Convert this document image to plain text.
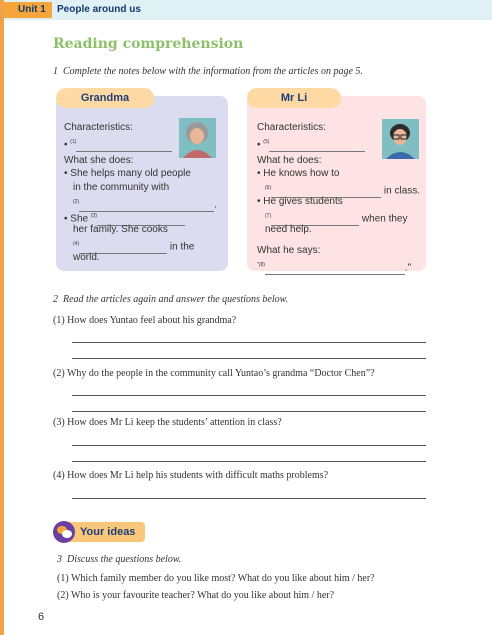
Unit 1	People around us
Reading comprehension
1 Complete the notes below with the information from the articles on page 5.
Grandma
Characteristics:
• $^{(1)}$
What she does:
• She helps many old people
in the community with
$^{(2)}$	.
• She $^{(3)}$
her family. She cooks
$^{(4)}$	in the
world.
Mr Li
Characteristics:
• $^{(5)}$
What he does:
• He knows how to
$^{(6)}$	in class.
• He gives students
$^{(7)}$	when they
need help.
What he says:
$^{"(8)}$	."
2 Read the articles again and answer the questions below.
(1) How does Yuntao feel about his grandma?
(2) Why do the people in the community call Yuntao’s grandma “Doctor Chen”?
(3) How does Mr Li keep the students’ attention in class?
(4) How does Mr Li help his students with difficult maths problems?
Your ideas
3 Discuss the questions below.
(1) Which family member do you like most? What do you like about him / her?
(2) Who is your favourite teacher? What do you like about him / her?
6
